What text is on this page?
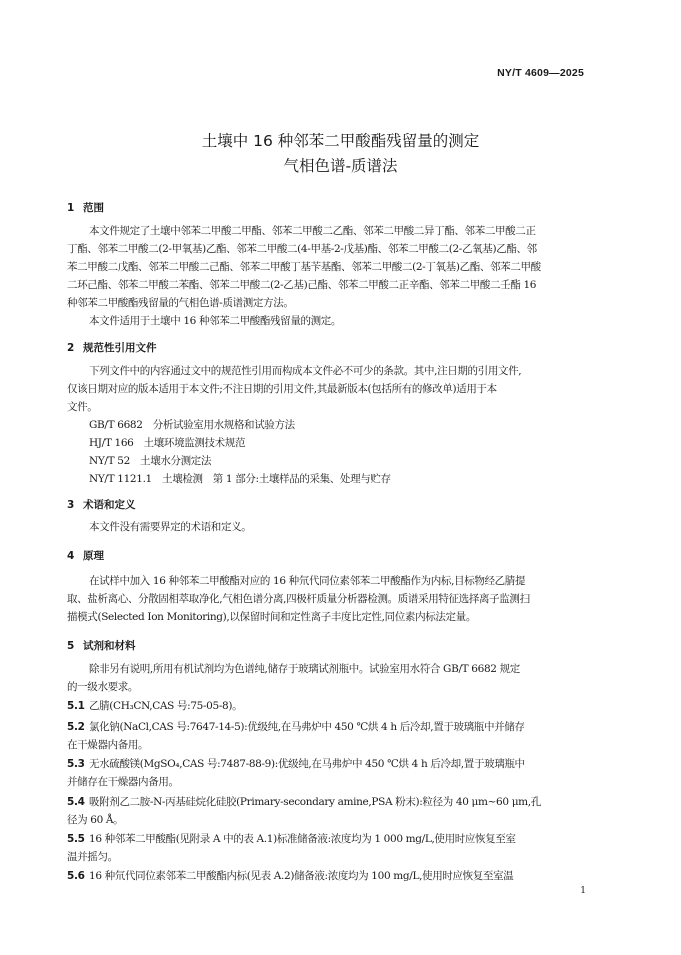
NY/T 4609—2025
土壤中 16 种邻苯二甲酸酯残留量的测定
气相色谱-质谱法
1 范围
本文件规定了土壤中邻苯二甲酸二甲酯、邻苯二甲酸二乙酯、邻苯二甲酸二异丁酯、邻苯二甲酸二正
丁酯、邻苯二甲酸二(2-甲氧基)乙酯、邻苯二甲酸二(4-甲基-2-戊基)酯、邻苯二甲酸二(2-乙氧基)乙酯、邻
苯二甲酸二戊酯、邻苯二甲酸二己酯、邻苯二甲酸丁基苄基酯、邻苯二甲酸二(2-丁氧基)乙酯、邻苯二甲酸
二环己酯、邻苯二甲酸二苯酯、邻苯二甲酸二(2-乙基)己酯、邻苯二甲酸二正辛酯、邻苯二甲酸二壬酯 16
种邻苯二甲酸酯残留量的气相色谱-质谱测定方法。
本文件适用于土壤中 16 种邻苯二甲酸酯残留量的测定。
2 规范性引用文件
下列文件中的内容通过文中的规范性引用而构成本文件必不可少的条款。其中,注日期的引用文件,
仅该日期对应的版本适用于本文件;不注日期的引用文件,其最新版本(包括所有的修改单)适用于本
文件。
GB/T 6682　分析试验室用水规格和试验方法
HJ/T 166　土壤环境监测技术规范
NY/T 52　土壤水分测定法
NY/T 1121.1　土壤检测　第 1 部分:土壤样品的采集、处理与贮存
3 术语和定义
本文件没有需要界定的术语和定义。
4 原理
在试样中加入 16 种邻苯二甲酸酯对应的 16 种氘代同位素邻苯二甲酸酯作为内标,目标物经乙腈提
取、盐析离心、分散固相萃取净化,气相色谱分离,四极杆质量分析器检测。质谱采用特征选择离子监测扫
描模式(Selected Ion Monitoring),以保留时间和定性离子丰度比定性,同位素内标法定量。
5 试剂和材料
除非另有说明,所用有机试剂均为色谱纯,储存于玻璃试剂瓶中。试验室用水符合 GB/T 6682 规定
的一级水要求。
5.1 乙腈(CH₃CN,CAS 号:75-05-8)。
5.2 氯化钠(NaCl,CAS 号:7647-14-5):优级纯,在马弗炉中 450 ℃烘 4 h 后冷却,置于玻璃瓶中并储存
在干燥器内备用。
5.3 无水硫酸镁(MgSO₄,CAS 号:7487-88-9):优级纯,在马弗炉中 450 ℃烘 4 h 后冷却,置于玻璃瓶中
并储存在干燥器内备用。
5.4 吸附剂乙二胺-N-丙基硅烷化硅胶(Primary-secondary amine,PSA 粉末):粒径为 40 μm~60 μm,孔
径为 60 Å。
5.5 16 种邻苯二甲酸酯(见附录 A 中的表 A.1)标准储备液:浓度均为 1 000 mg/L,使用时应恢复至室
温并摇匀。
5.6 16 种氘代同位素邻苯二甲酸酯内标(见表 A.2)储备液:浓度均为 100 mg/L,使用时应恢复至室温
1
